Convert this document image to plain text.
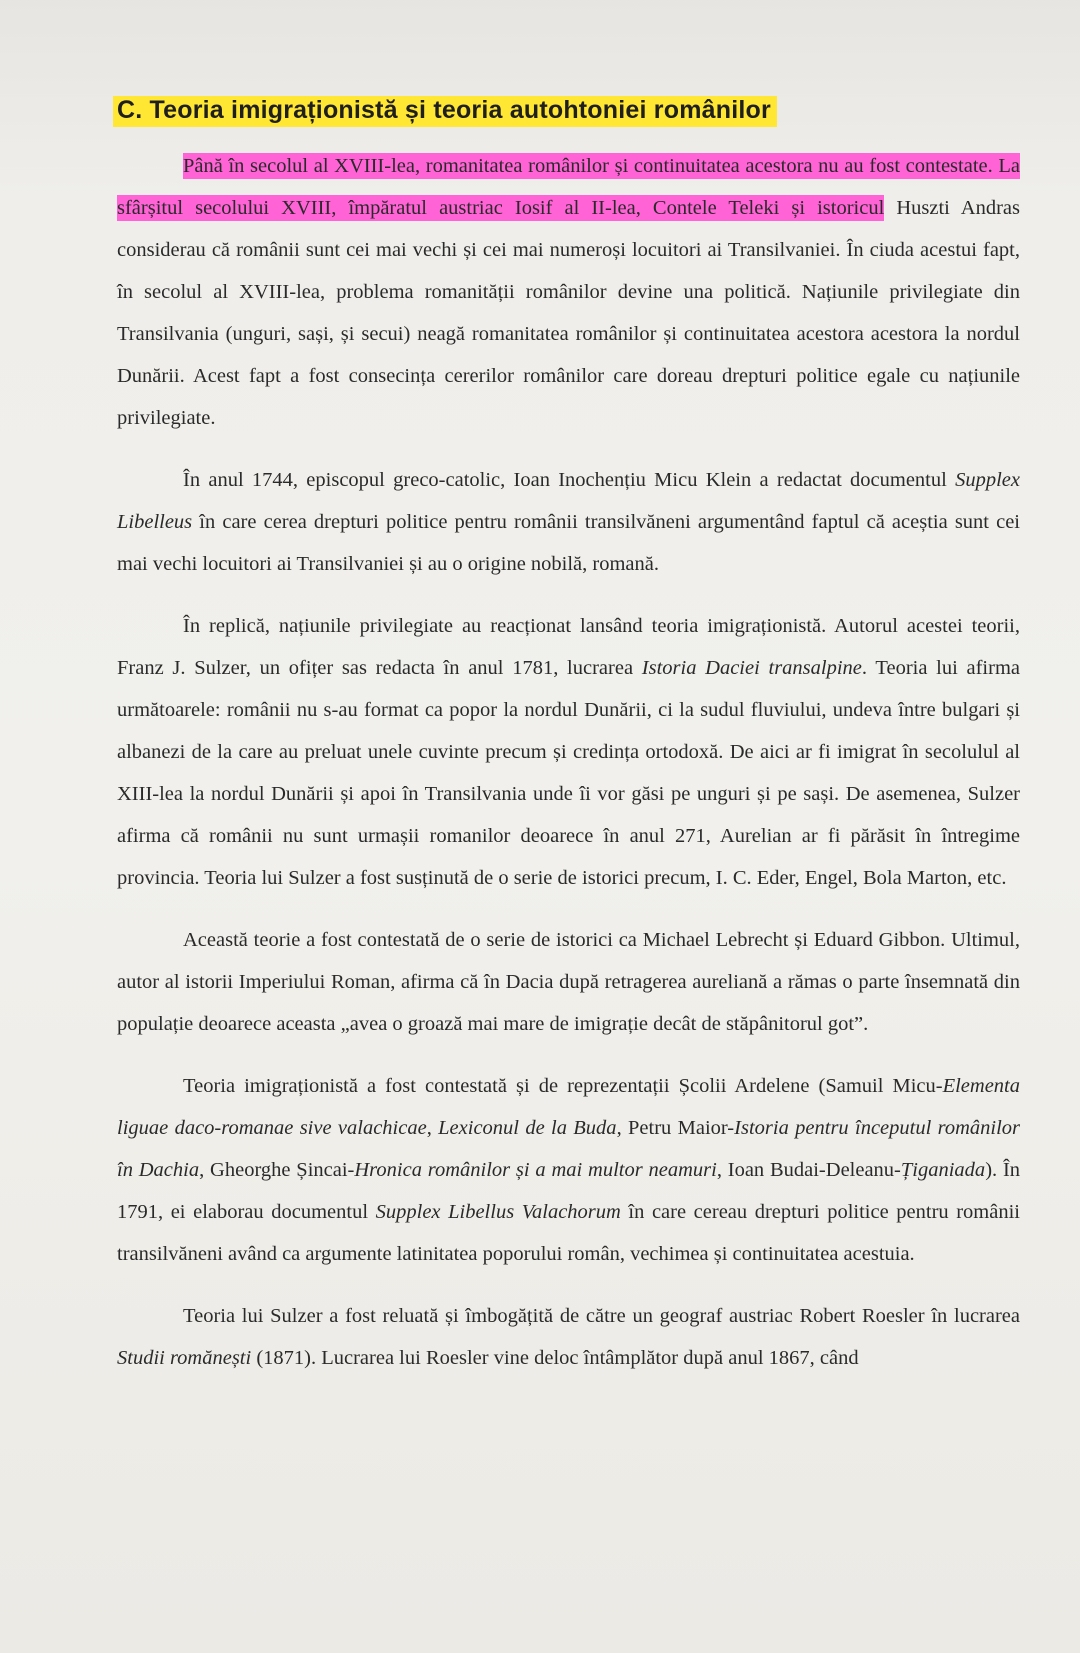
C. Teoria imigraționistă și teoria autohtoniei românilor

Până în secolul al XVIII-lea, romanitatea românilor și continuitatea acestora nu au fost contestate. La sfârșitul secolului XVIII, împăratul austriac Iosif al II-lea, Contele Teleki și istoricul Huszti Andras considerau că românii sunt cei mai vechi și cei mai numeroși locuitori ai Transilvaniei. În ciuda acestui fapt, în secolul al XVIII-lea, problema romanității românilor devine una politică. Națiunile privilegiate din Transilvania (unguri, sași, și secui) neagă romanitatea românilor și continuitatea acestora acestora la nordul Dunării. Acest fapt a fost consecința cererilor românilor care doreau drepturi politice egale cu națiunile privilegiate.

În anul 1744, episcopul greco-catolic, Ioan Inochențiu Micu Klein a redactat documentul Supplex Libelleus în care cerea drepturi politice pentru românii transilvăneni argumentând faptul că aceștia sunt cei mai vechi locuitori ai Transilvaniei și au o origine nobilă, romană.

În replică, națiunile privilegiate au reacționat lansând teoria imigraționistă. Autorul acestei teorii, Franz J. Sulzer, un ofițer sas redacta în anul 1781, lucrarea Istoria Daciei transalpine. Teoria lui afirma următoarele: românii nu s-au format ca popor la nordul Dunării, ci la sudul fluviului, undeva între bulgari și albanezi de la care au preluat unele cuvinte precum și credința ortodoxă. De aici ar fi imigrat în secolulul al XIII-lea la nordul Dunării și apoi în Transilvania unde îi vor găsi pe unguri și pe sași. De asemenea, Sulzer afirma că românii nu sunt urmașii romanilor deoarece în anul 271, Aurelian ar fi părăsit în întregime provincia. Teoria lui Sulzer a fost susținută de o serie de istorici precum, I. C. Eder, Engel, Bola Marton, etc.

Această teorie a fost contestată de o serie de istorici ca Michael Lebrecht și Eduard Gibbon. Ultimul, autor al istorii Imperiului Roman, afirma că în Dacia după retragerea aureliană a rămas o parte însemnată din populație deoarece aceasta „avea o groază mai mare de imigrație decât de stăpânitorul got”.

Teoria imigraționistă a fost contestată și de reprezentații Școlii Ardelene (Samuil Micu-Elementa liguae daco-romanae sive valachicae, Lexiconul de la Buda, Petru Maior-Istoria pentru începutul românilor în Dachia, Gheorghe Șincai-Hronica românilor și a mai multor neamuri, Ioan Budai-Deleanu-Țiganiada). În 1791, ei elaborau documentul Supplex Libellus Valachorum în care cereau drepturi politice pentru românii transilvăneni având ca argumente latinitatea poporului român, vechimea și continuitatea acestuia.

Teoria lui Sulzer a fost reluată și îmbogățită de către un geograf austriac Robert Roesler în lucrarea Studii romănești (1871). Lucrarea lui Roesler vine deloc întâmplător după anul 1867, când
